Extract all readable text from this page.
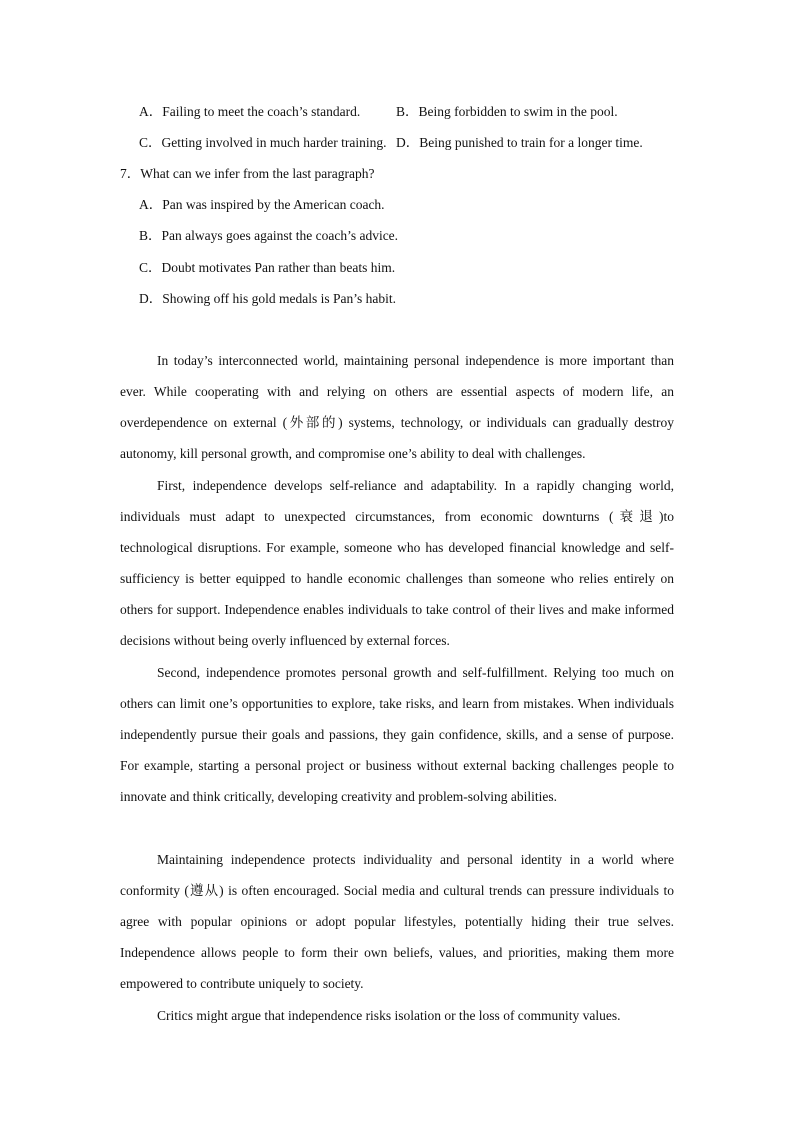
A．Failing to meet the coach’s standard.	B．Being forbidden to swim in the pool.
C．Getting involved in much harder training. D．Being punished to train for a longer time.
7．What can we infer from the last paragraph?
A．Pan was inspired by the American coach.
B．Pan always goes against the coach’s advice.
C．Doubt motivates Pan rather than beats him.
D．Showing off his gold medals is Pan’s habit.

In today’s interconnected world, maintaining personal independence is more important than ever. While cooperating with and relying on others are essential aspects of modern life, an overdependence on external (外部的) systems, technology, or individuals can gradually destroy autonomy, kill personal growth, and compromise one’s ability to deal with challenges.

First, independence develops self-reliance and adaptability. In a rapidly changing world, individuals must adapt to unexpected circumstances, from economic downturns (衰退)to technological disruptions. For example, someone who has developed financial knowledge and self-sufficiency is better equipped to handle economic challenges than someone who relies entirely on others for support. Independence enables individuals to take control of their lives and make informed decisions without being overly influenced by external forces.

Second, independence promotes personal growth and self-fulfillment. Relying too much on others can limit one’s opportunities to explore, take risks, and learn from mistakes. When individuals independently pursue their goals and passions, they gain confidence, skills, and a sense of purpose. For example, starting a personal project or business without external backing challenges people to innovate and think critically, developing creativity and problem-solving abilities.

Maintaining independence protects individuality and personal identity in a world where conformity (遵从) is often encouraged. Social media and cultural trends can pressure individuals to agree with popular opinions or adopt popular lifestyles, potentially hiding their true selves. Independence allows people to form their own beliefs, values, and priorities, making them more empowered to contribute uniquely to society.

Critics might argue that independence risks isolation or the loss of community values.
